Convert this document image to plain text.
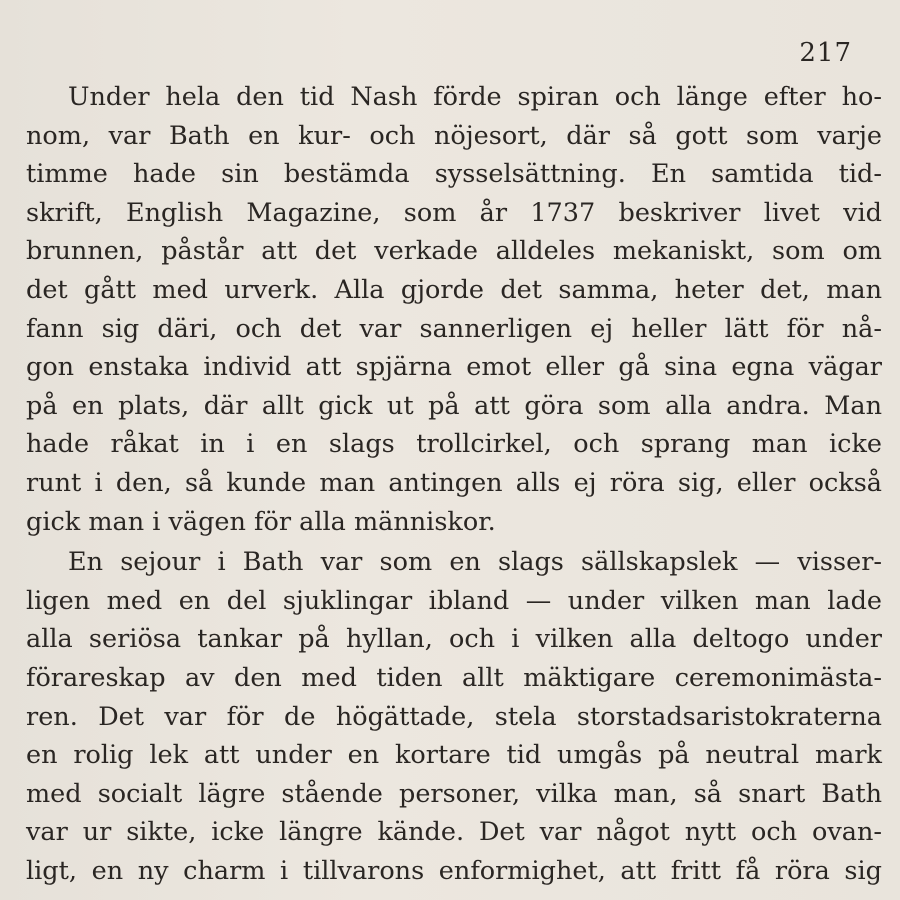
217
Under hela den tid Nash förde spiran och länge efter ho-
nom, var Bath en kur- och nöjesort, där så gott som varje
timme hade sin bestämda sysselsättning. En samtida tid-
skrift, English Magazine, som år 1737 beskriver livet vid
brunnen, påstår att det verkade alldeles mekaniskt, som om
det gått med urverk. Alla gjorde det samma, heter det, man
fann sig däri, och det var sannerligen ej heller lätt för nå-
gon enstaka individ att spjärna emot eller gå sina egna vägar
på en plats, där allt gick ut på att göra som alla andra. Man
hade råkat in i en slags trollcirkel, och sprang man icke
runt i den, så kunde man antingen alls ej röra sig, eller också
gick man i vägen för alla människor.
En sejour i Bath var som en slags sällskapslek — visser-
ligen med en del sjuklingar ibland — under vilken man lade
alla seriösa tankar på hyllan, och i vilken alla deltogo under
förareskap av den med tiden allt mäktigare ceremonimästa-
ren. Det var för de högättade, stela storstadsaristokraterna
en rolig lek att under en kortare tid umgås på neutral mark
med socialt lägre stående personer, vilka man, så snart Bath
var ur sikte, icke längre kände. Det var något nytt och ovan-
ligt, en ny charm i tillvarons enformighet, att fritt få röra sig
